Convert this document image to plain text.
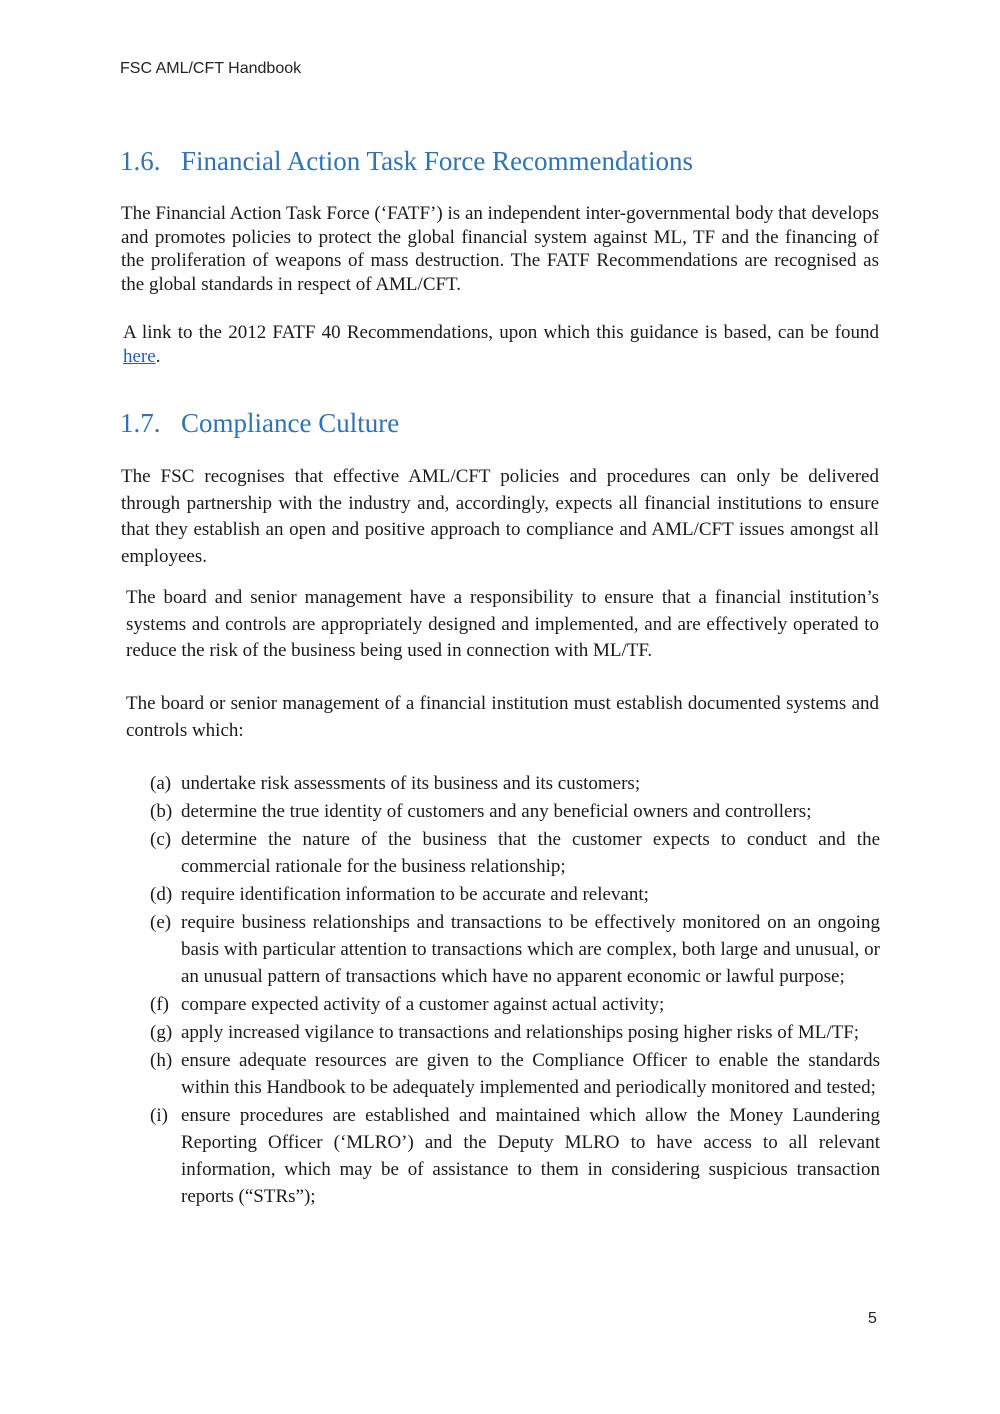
FSC AML/CFT Handbook
1.6. Financial Action Task Force Recommendations

The Financial Action Task Force (‘FATF’) is an independent inter-governmental body that develops and promotes policies to protect the global financial system against ML, TF and the financing of the proliferation of weapons of mass destruction. The FATF Recommendations are recognised as the global standards in respect of AML/CFT.

A link to the 2012 FATF 40 Recommendations, upon which this guidance is based, can be found here.

1.7. Compliance Culture

The FSC recognises that effective AML/CFT policies and procedures can only be delivered through partnership with the industry and, accordingly, expects all financial institutions to ensure that they establish an open and positive approach to compliance and AML/CFT issues amongst all employees.

The board and senior management have a responsibility to ensure that a financial institution’s systems and controls are appropriately designed and implemented, and are effectively operated to reduce the risk of the business being used in connection with ML/TF.

The board or senior management of a financial institution must establish documented systems and controls which:

(a) undertake risk assessments of its business and its customers;
(b) determine the true identity of customers and any beneficial owners and controllers;
(c) determine the nature of the business that the customer expects to conduct and the commercial rationale for the business relationship;
(d) require identification information to be accurate and relevant;
(e) require business relationships and transactions to be effectively monitored on an ongoing basis with particular attention to transactions which are complex, both large and unusual, or an unusual pattern of transactions which have no apparent economic or lawful purpose;
(f) compare expected activity of a customer against actual activity;
(g) apply increased vigilance to transactions and relationships posing higher risks of ML/TF;
(h) ensure adequate resources are given to the Compliance Officer to enable the standards within this Handbook to be adequately implemented and periodically monitored and tested;
(i) ensure procedures are established and maintained which allow the Money Laundering Reporting Officer (‘MLRO’) and the Deputy MLRO to have access to all relevant information, which may be of assistance to them in considering suspicious transaction reports (“STRs”);
5
